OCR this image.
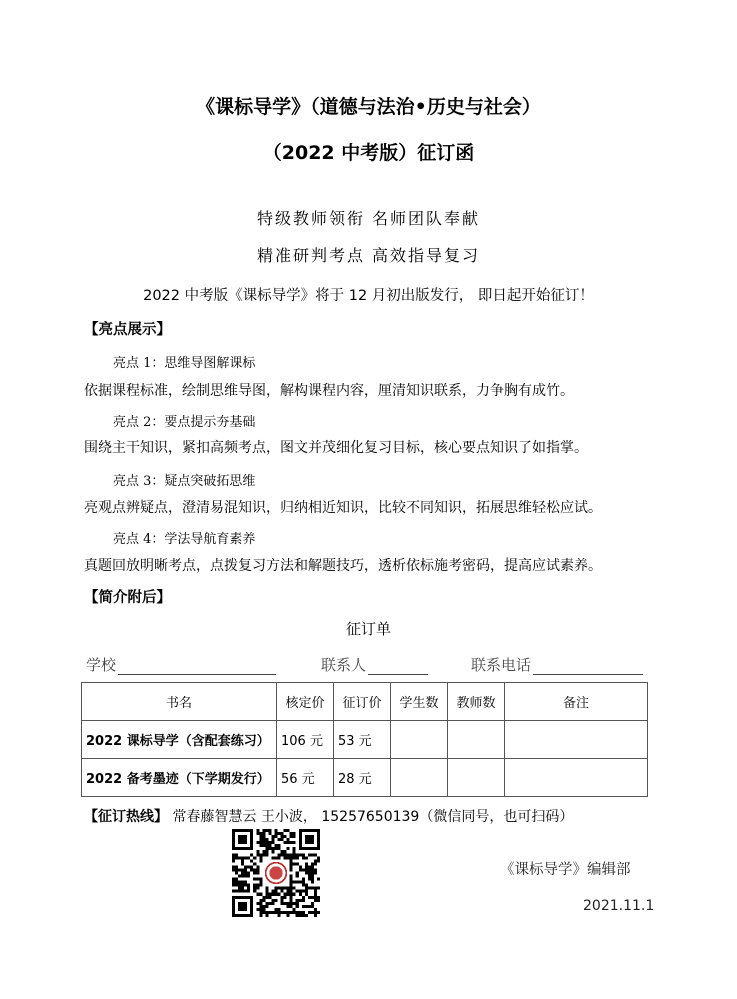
《课标导学》（道德与法治•历史与社会）
（2022 中考版）征订函
特级教师领衔 名师团队奉献
精准研判考点 高效指导复习
2022 中考版《课标导学》将于 12 月初出版发行， 即日起开始征订！
【亮点展示】
亮点 1：思维导图解课标
依据课程标准，绘制思维导图，解构课程内容，厘清知识联系，力争胸有成竹。
亮点 2：要点提示夯基础
围绕主干知识，紧扣高频考点，图文并茂细化复习目标，核心要点知识了如指掌。
亮点 3：疑点突破拓思维
亮观点辨疑点，澄清易混知识，归纳相近知识，比较不同知识，拓展思维轻松应试。
亮点 4：学法导航育素养
真题回放明晰考点，点拨复习方法和解题技巧，透析依标施考密码，提高应试素养。
【简介附后】
征订单
学校	联系人	联系电话
书名	核定价	征订价	学生数	教师数	备注
2022 课标导学（含配套练习）	106 元	53 元			
2022 备考墨迹（下学期发行）	56 元	28 元			
【征订热线】 常春藤智慧云 王小波， 15257650139（微信同号，也可扫码）
《课标导学》编辑部
2021.11.1
